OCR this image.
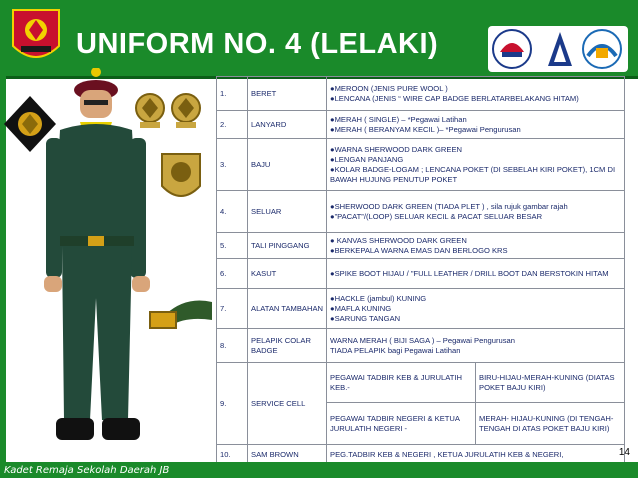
UNIFORM NO. 4 (LELAKI)
1.	BERET	●MEROON (JENIS PURE WOOL )
●LENCANA (JENIS “ WIRE CAP BADGE BERLATARBELAKANG HITAM)	

2.	LANYARD	●MERAH ( SINGLE) – *Pegawai Latihan
●MERAH ( BERANYAM KECIL )– *Pegawai Pengurusan	

3.	BAJU	●WARNA SHERWOOD DARK GREEN
●LENGAN PANJANG
●KOLAR BADGE-LOGAM ; LENCANA POKET (DI SEBELAH KIRI POKET), 1CM DI BAWAH HUJUNG PENUTUP POKET	

4.	SELUAR	●SHERWOOD DARK GREEN (TIADA PLET ) , sila rujuk gambar rajah
●”PACAT”/(LOOP) SELUAR KECIL & PACAT SELUAR BESAR	

5.	TALI PINGGANG	● KANVAS SHERWOOD DARK GREEN
●BERKEPALA WARNA EMAS DAN BERLOGO KRS	

6.	KASUT	●SPIKE BOOT HIJAU / "FULL LEATHER / DRILL BOOT DAN BERSTOKIN HITAM	

7.	ALATAN TAMBAHAN	●HACKLE (jambul) KUNING
●MAFLA KUNING
●SARUNG TANGAN	

8.	PELAPIK COLAR BADGE	WARNA MERAH ( BIJI SAGA ) – Pegawai Pengurusan
TIADA PELAPIK bagi Pegawai Latihan	

9.	SERVICE CELL	PEGAWAI TADBIR KEB & JURULATIH KEB.-	BIRU-HIJAU-MERAH-KUNING (DIATAS POKET BAJU KIRI)
		PEGAWAI TADBIR NEGERI & KETUA JURULATIH NEGERI -	MERAH- HIJAU-KUNING (DI TENGAH-TENGAH DI ATAS POKET BAJU KIRI)
10.	SAM BROWN	PEG.TADBIR KEB & NEGERI , KETUA JURULATIH KEB & NEGERI,		14
Kadet Remaja Sekolah Daerah JB
